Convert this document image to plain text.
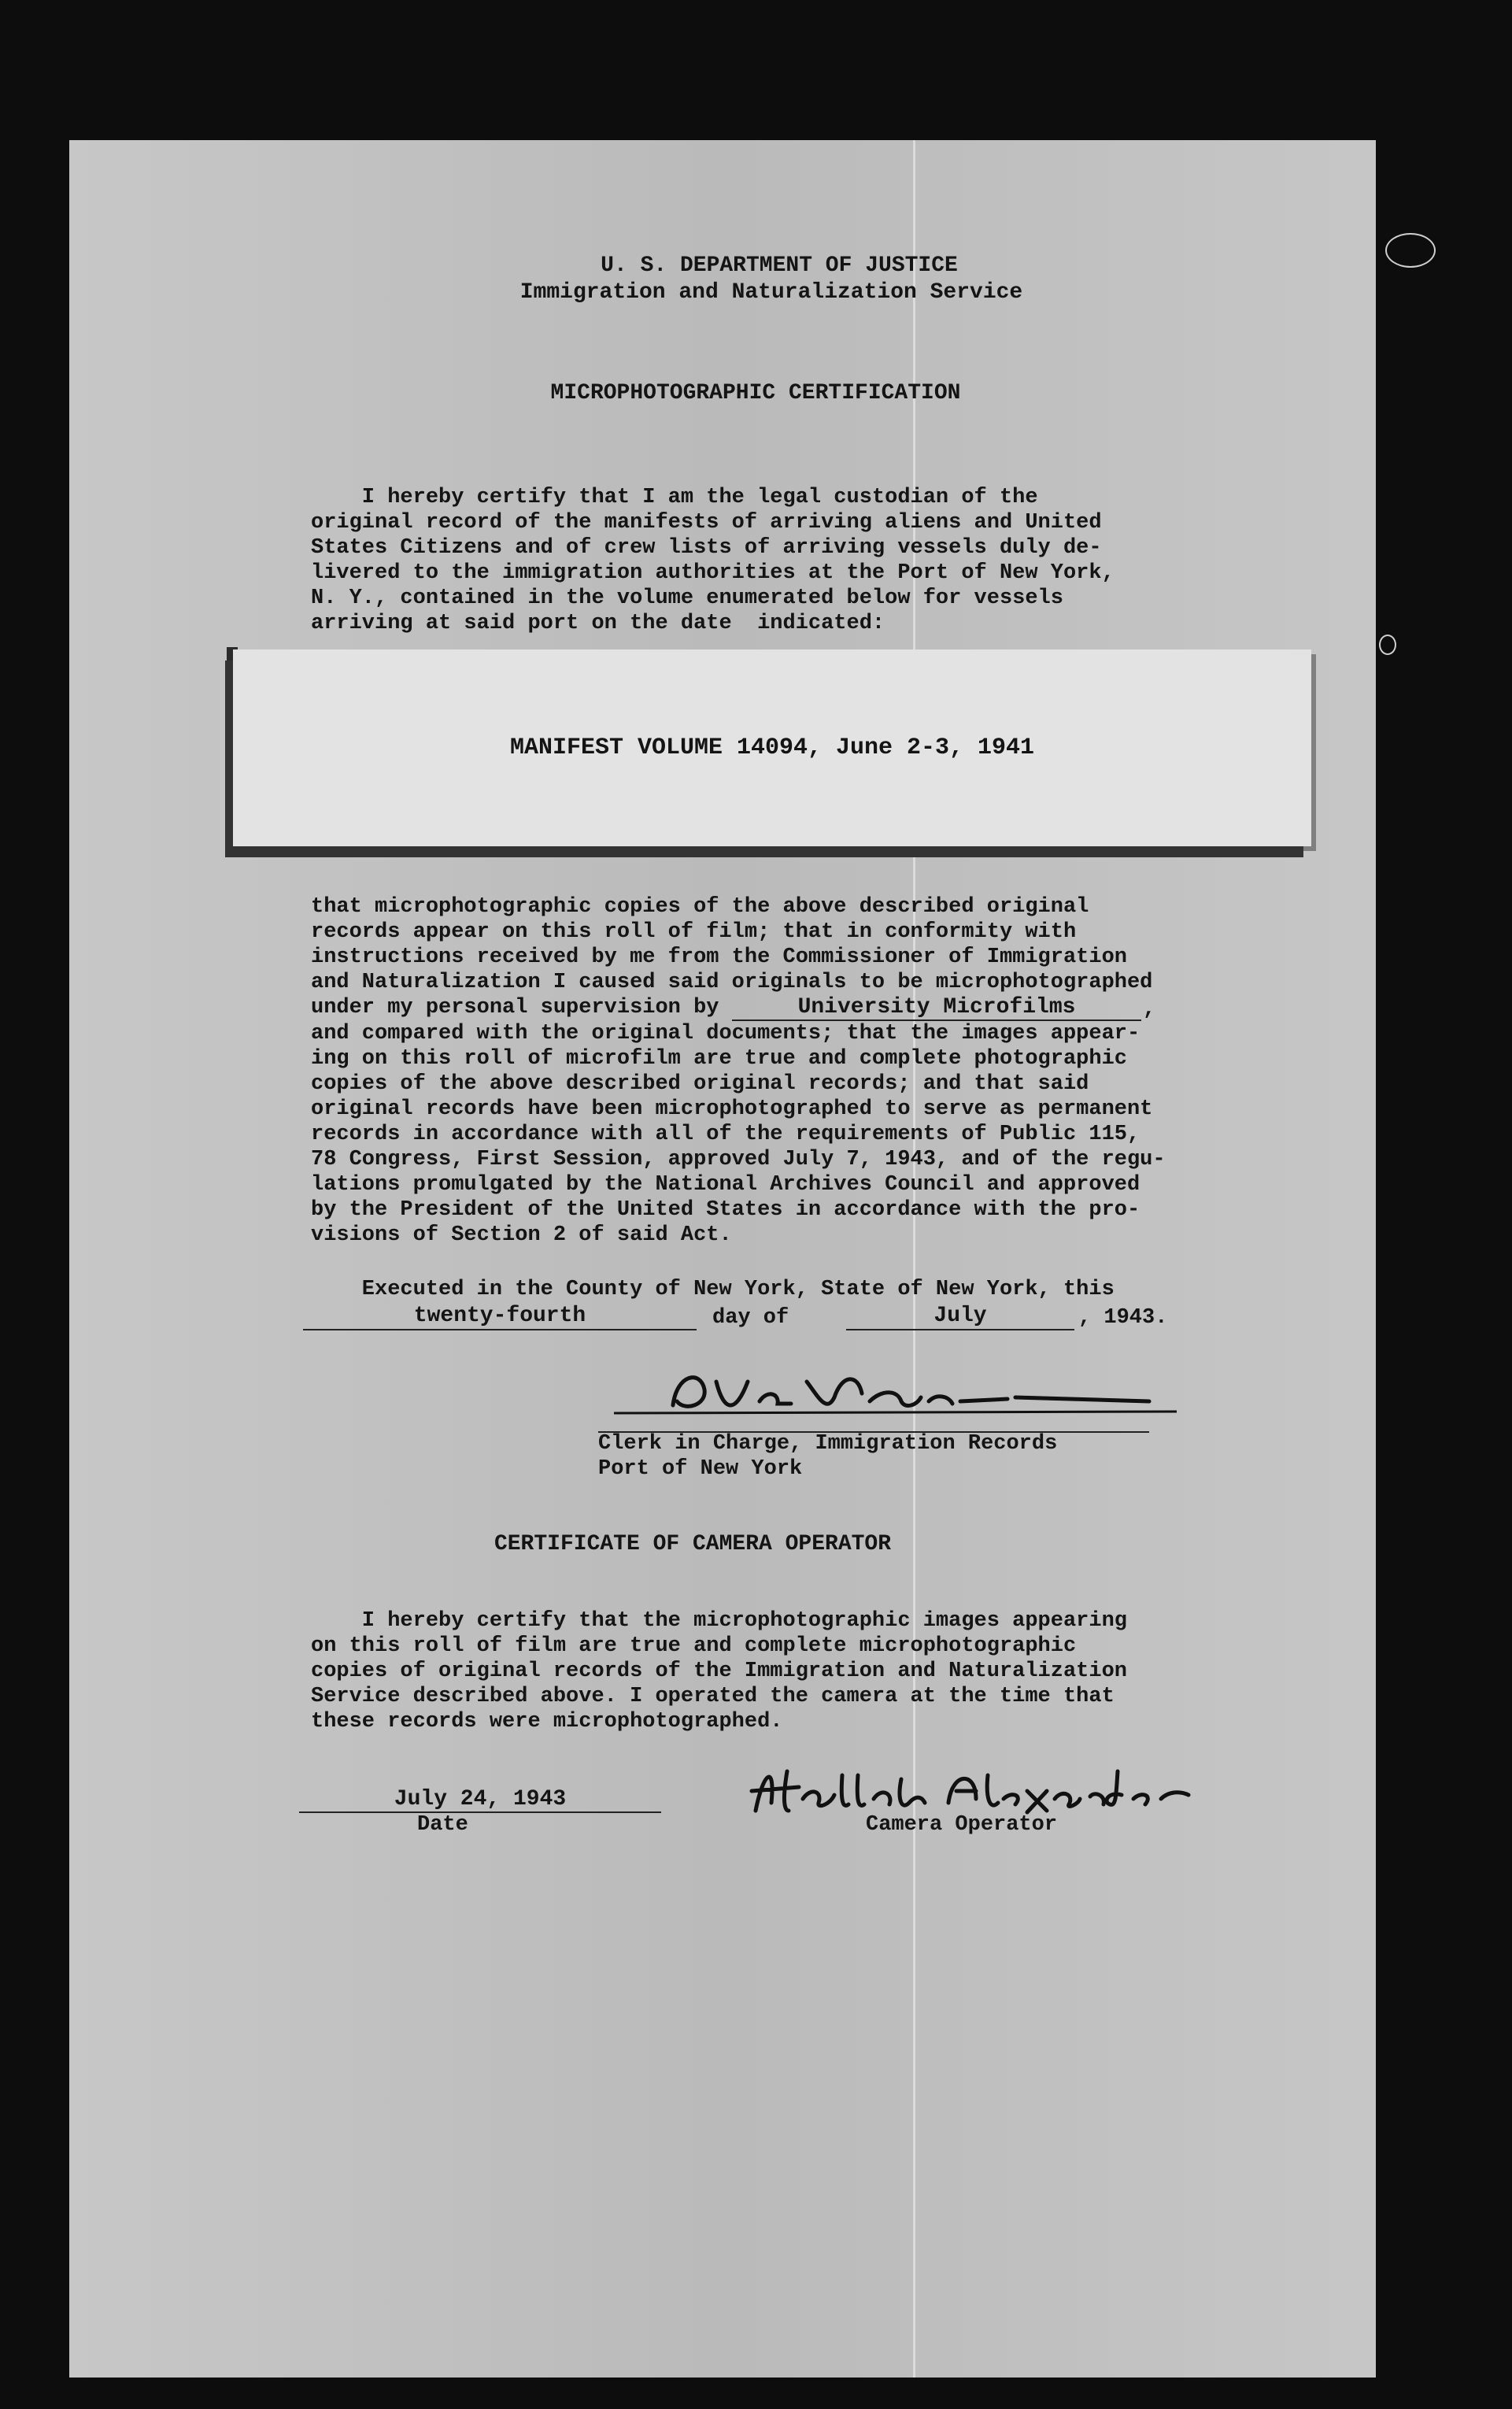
U. S. DEPARTMENT OF JUSTICE
Immigration and Naturalization Service
MICROPHOTOGRAPHIC CERTIFICATION
I hereby certify that I am the legal custodian of the
original record of the manifests of arriving aliens and United
States Citizens and of crew lists of arriving vessels duly de-
livered to the immigration authorities at the Port of New York,
N. Y., contained in the volume enumerated below for vessels
arriving at said port on the date  indicated:
MANIFEST VOLUME 14094, June 2-3, 1941
that microphotographic copies of the above described original
records appear on this roll of film; that in conformity with
instructions received by me from the Commissioner of Immigration
and Naturalization I caused said originals to be microphotographed
under my personal supervision by	University Microfilms	,
and compared with the original documents; that the images appear-
ing on this roll of microfilm are true and complete photographic
copies of the above described original records; and that said
original records have been microphotographed to serve as permanent
records in accordance with all of the requirements of Public 115,
78 Congress, First Session, approved July 7, 1943, and of the regu-
lations promulgated by the National Archives Council and approved
by the President of the United States in accordance with the pro-
visions of Section 2 of said Act.
Executed in the County of New York, State of New York, this
twenty-fourth	day of	July	, 1943.
Clerk in Charge, Immigration Records
Port of New York
CERTIFICATE OF CAMERA OPERATOR
I hereby certify that the microphotographic images appearing
on this roll of film are true and complete microphotographic
copies of original records of the Immigration and Naturalization
Service described above. I operated the camera at the time that
these records were microphotographed.
July 24, 1943
Date	Camera Operator
